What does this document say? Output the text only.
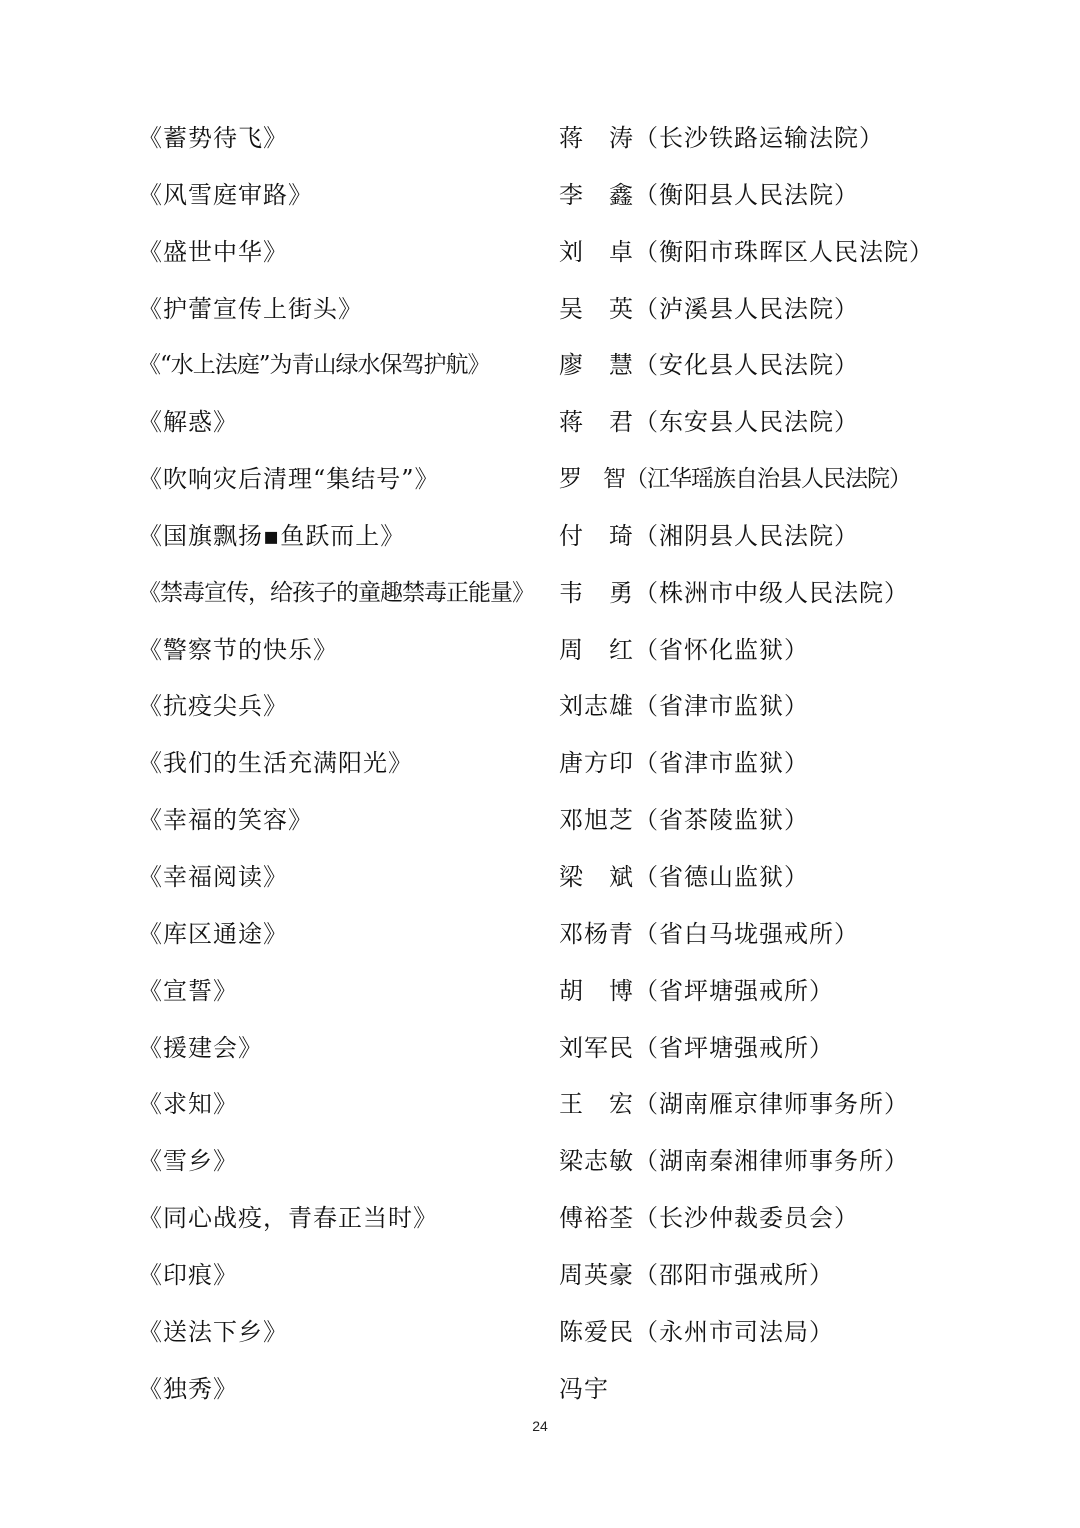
《蓄势待飞》	蒋　涛（长沙铁路运输法院）
《风雪庭审路》	李　鑫（衡阳县人民法院）
《盛世中华》	刘　卓（衡阳市珠晖区人民法院）
《护蕾宣传上街头》	吴　英（泸溪县人民法院）
《“水上法庭”为青山绿水保驾护航》	廖　慧（安化县人民法院）
《解惑》	蒋　君（东安县人民法院）
《吹响灾后清理“集结号”》	罗　智（江华瑶族自治县人民法院）
《国旗飘扬▪鱼跃而上》	付　琦（湘阴县人民法院）
《禁毒宣传，给孩子的童趣禁毒正能量》	韦　勇（株洲市中级人民法院）
《警察节的快乐》	周　红（省怀化监狱）
《抗疫尖兵》	刘志雄（省津市监狱）
《我们的生活充满阳光》	唐方印（省津市监狱）
《幸福的笑容》	邓旭芝（省茶陵监狱）
《幸福阅读》	梁　斌（省德山监狱）
《库区通途》	邓杨青（省白马垅强戒所）
《宣誓》	胡　博（省坪塘强戒所）
《援建会》	刘军民（省坪塘强戒所）
《求知》	王　宏（湖南雁京律师事务所）
《雪乡》	梁志敏（湖南秦湘律师事务所）
《同心战疫，青春正当时》	傅裕荃（长沙仲裁委员会）
《印痕》	周英豪（邵阳市强戒所）
《送法下乡》	陈爱民（永州市司法局）
《独秀》	冯宇
24
